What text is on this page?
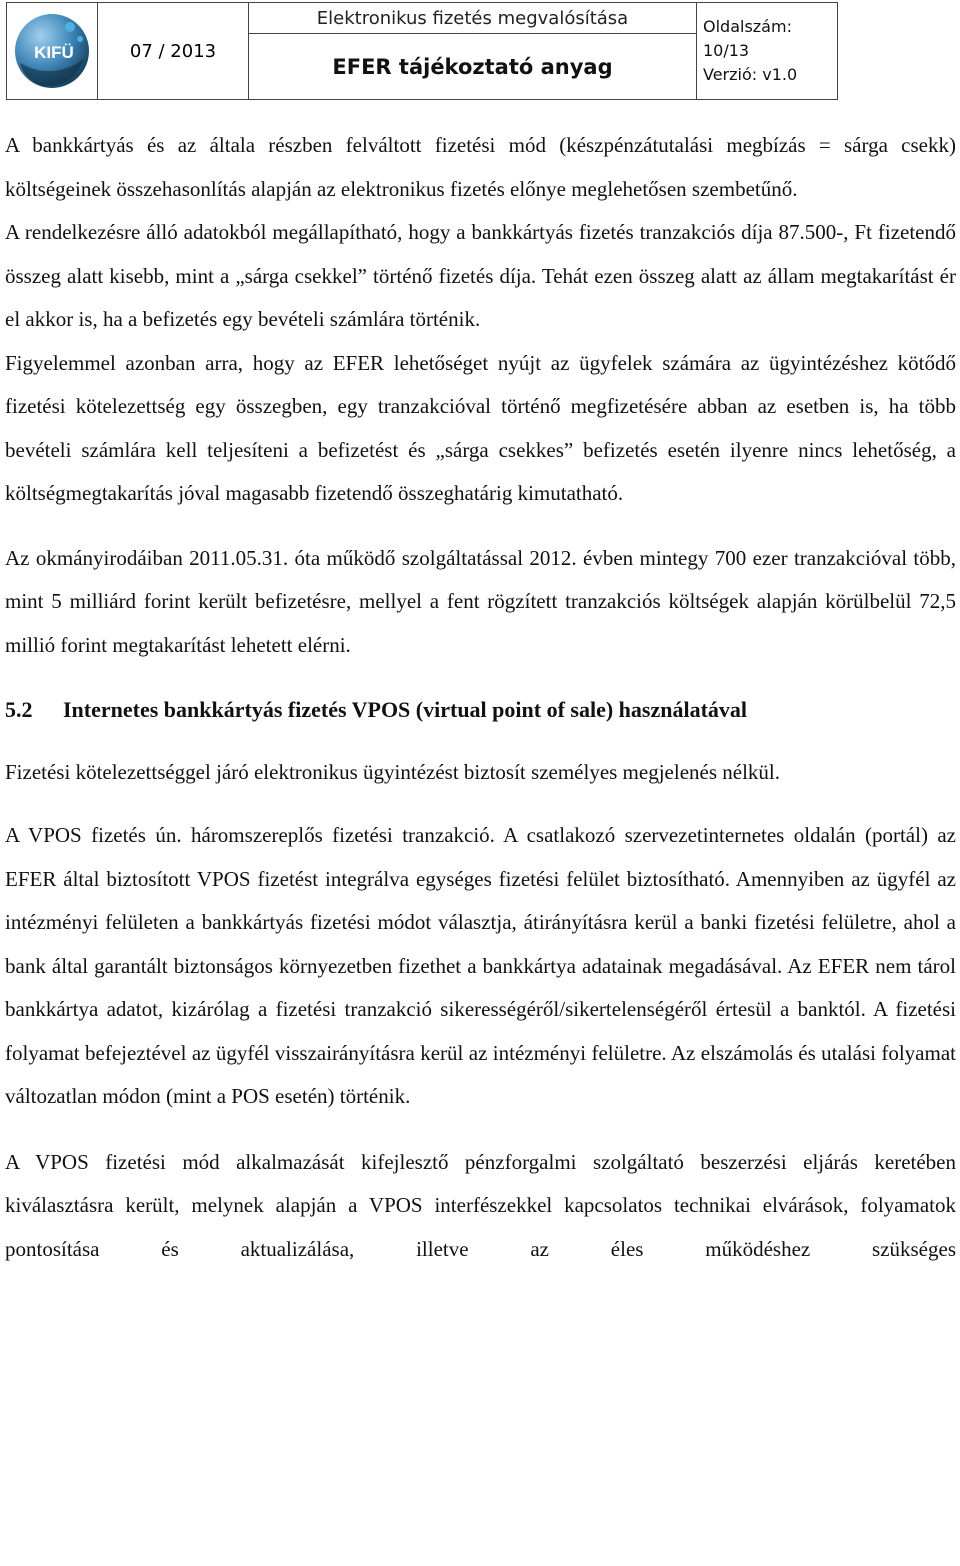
KIFÜ	07 / 2013	Elektronikus fizetés megvalósítása	Oldalszám:
10/13
Verzió: v1.0

EFER tájékoztató anyag

A bankkártyás és az általa részben felváltott fizetési mód (készpénzátutalási megbízás = sárga csekk) költségeinek összehasonlítás alapján az elektronikus fizetés előnye meglehetősen szembetűnő.

A rendelkezésre álló adatokból megállapítható, hogy a bankkártyás fizetés tranzakciós díja 87.500-, Ft fizetendő összeg alatt kisebb, mint a „sárga csekkel” történő fizetés díja. Tehát ezen összeg alatt az állam megtakarítást ér el akkor is, ha a befizetés egy bevételi számlára történik.

Figyelemmel azonban arra, hogy az EFER lehetőséget nyújt az ügyfelek számára az ügyintézéshez kötődő fizetési kötelezettség egy összegben, egy tranzakcióval történő megfizetésére abban az esetben is, ha több bevételi számlára kell teljesíteni a befizetést és „sárga csekkes” befizetés esetén ilyenre nincs lehetőség, a költségmegtakarítás jóval magasabb fizetendő összeghatárig kimutatható.

Az okmányirodáiban 2011.05.31. óta működő szolgáltatással 2012. évben mintegy 700 ezer tranzakcióval több, mint 5 milliárd forint került befizetésre, mellyel a fent rögzített tranzakciós költségek alapján körülbelül 72,5 millió forint megtakarítást lehetett elérni.

5.2 Internetes bankkártyás fizetés VPOS (virtual point of sale) használatával

Fizetési kötelezettséggel járó elektronikus ügyintézést biztosít személyes megjelenés nélkül.

A VPOS fizetés ún. háromszereplős fizetési tranzakció. A csatlakozó szervezetinternetes oldalán (portál) az EFER által biztosított VPOS fizetést integrálva egységes fizetési felület biztosítható. Amennyiben az ügyfél az intézményi felületen a bankkártyás fizetési módot választja, átirányításra kerül a banki fizetési felületre, ahol a bank által garantált biztonságos környezetben fizethet a bankkártya adatainak megadásával. Az EFER nem tárol bankkártya adatot, kizárólag a fizetési tranzakció sikerességéről/sikertelenségéről értesül a banktól. A fizetési folyamat befejeztével az ügyfél visszairányításra kerül az intézményi felületre. Az elszámolás és utalási folyamat változatlan módon (mint a POS esetén) történik.

A VPOS fizetési mód alkalmazását kifejlesztő pénzforgalmi szolgáltató beszerzési eljárás keretében kiválasztásra került, melynek alapján a VPOS interfészekkel kapcsolatos technikai elvárások, folyamatok pontosítása és aktualizálása, illetve az éles működéshez szükséges
